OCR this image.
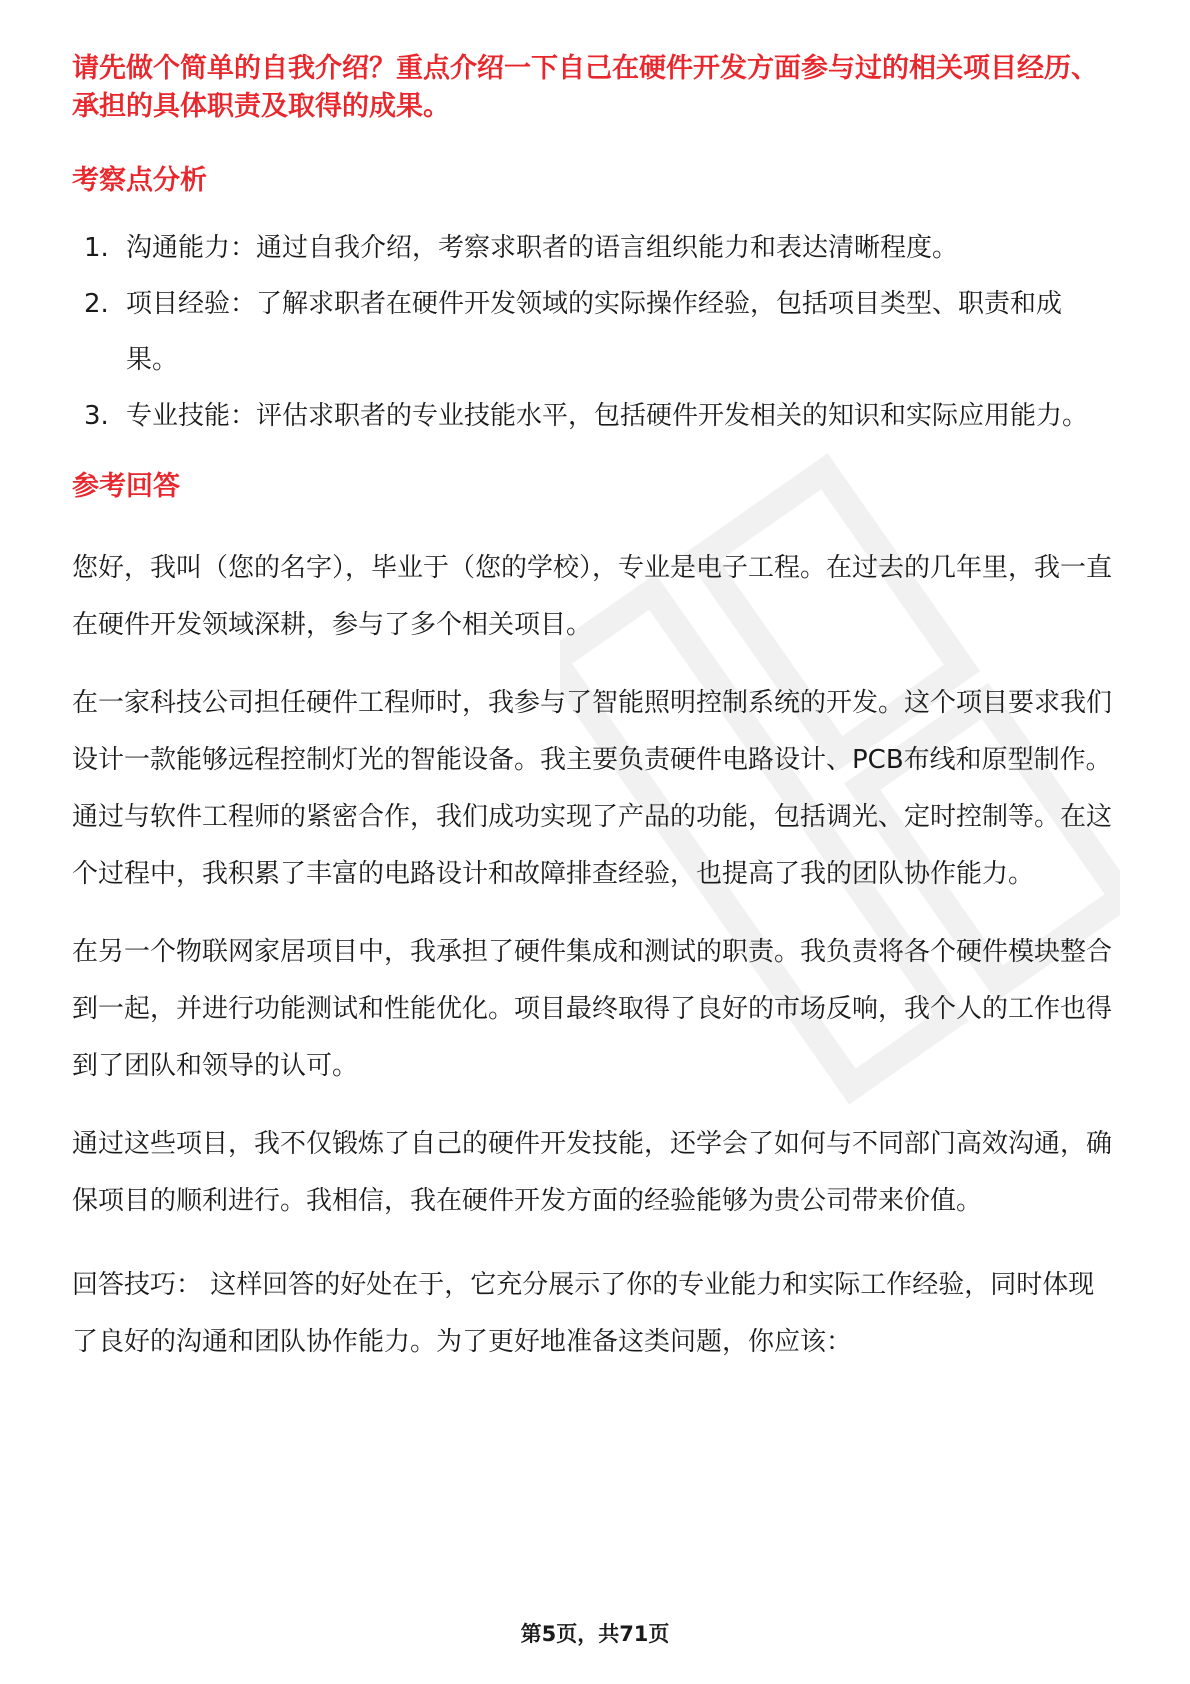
请先做个简单的自我介绍？重点介绍一下自己在硬件开发方面参与过的相关项目经历、承担的具体职责及取得的成果。

考察点分析

1. 沟通能力：通过自我介绍，考察求职者的语言组织能力和表达清晰程度。
2. 项目经验：了解求职者在硬件开发领域的实际操作经验，包括项目类型、职责和成果。
3. 专业技能：评估求职者的专业技能水平，包括硬件开发相关的知识和实际应用能力。

参考回答

您好，我叫（您的名字），毕业于（您的学校），专业是电子工程。在过去的几年里，我一直在硬件开发领域深耕，参与了多个相关项目。

在一家科技公司担任硬件工程师时，我参与了智能照明控制系统的开发。这个项目要求我们设计一款能够远程控制灯光的智能设备。我主要负责硬件电路设计、PCB布线和原型制作。通过与软件工程师的紧密合作，我们成功实现了产品的功能，包括调光、定时控制等。在这个过程中，我积累了丰富的电路设计和故障排查经验，也提高了我的团队协作能力。

在另一个物联网家居项目中，我承担了硬件集成和测试的职责。我负责将各个硬件模块整合到一起，并进行功能测试和性能优化。项目最终取得了良好的市场反响，我个人的工作也得到了团队和领导的认可。

通过这些项目，我不仅锻炼了自己的硬件开发技能，还学会了如何与不同部门高效沟通，确保项目的顺利进行。我相信，我在硬件开发方面的经验能够为贵公司带来价值。

回答技巧： 这样回答的好处在于，它充分展示了你的专业能力和实际工作经验，同时体现了良好的沟通和团队协作能力。为了更好地准备这类问题，你应该：

第5页，共71页
